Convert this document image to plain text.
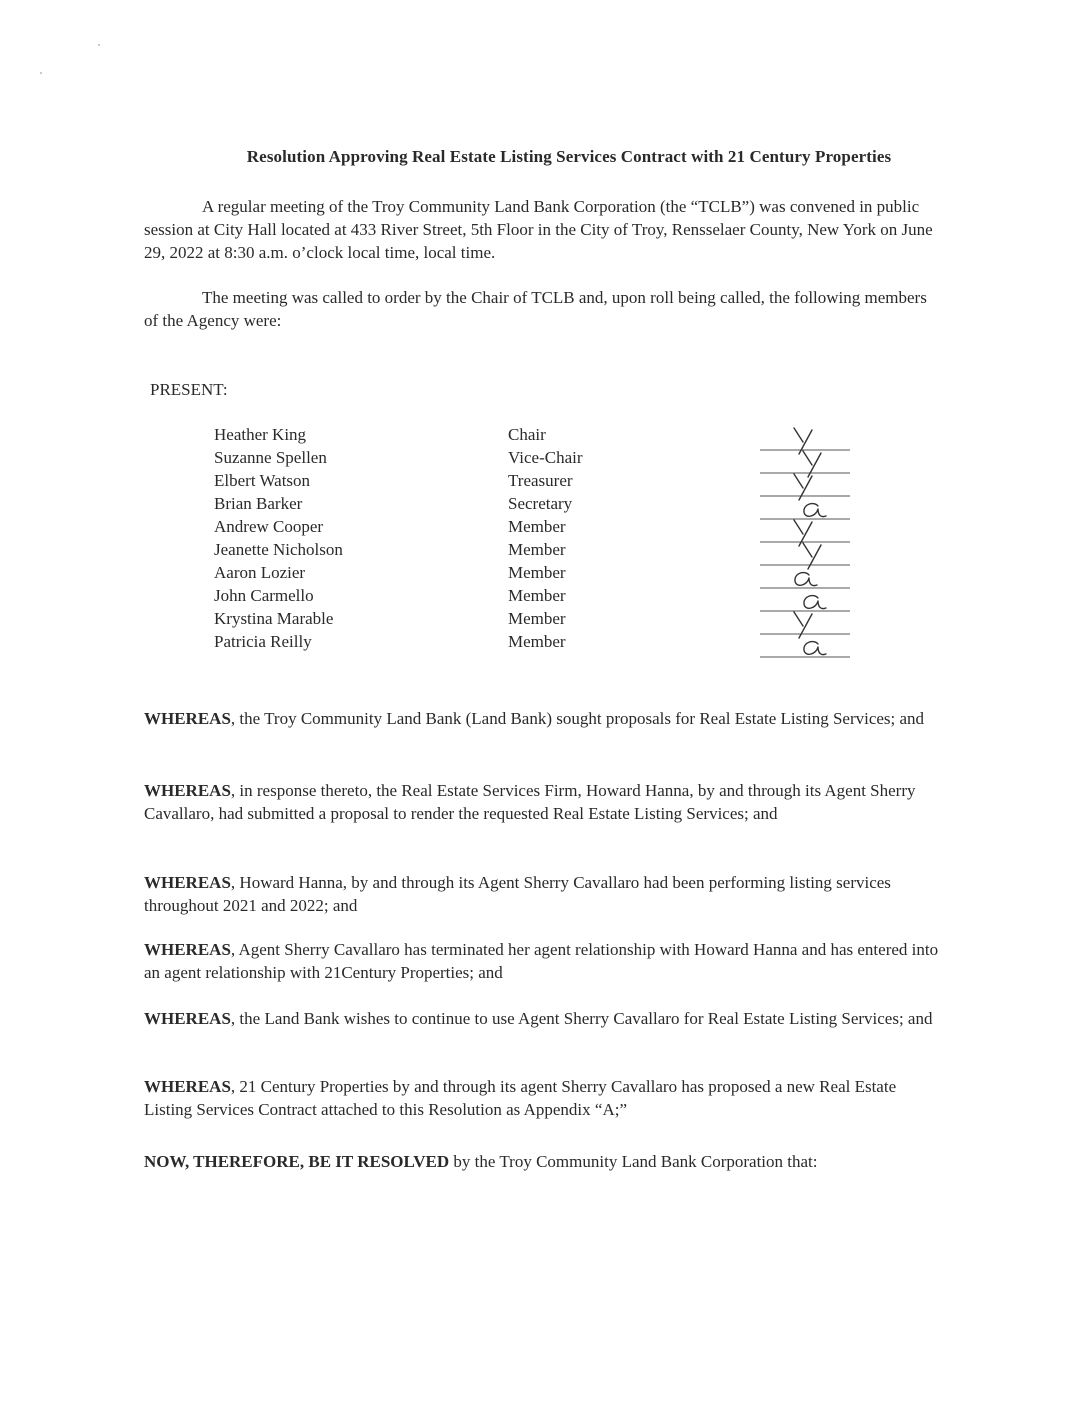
Resolution Approving Real Estate Listing Services Contract with 21 Century Properties
A regular meeting of the Troy Community Land Bank Corporation (the “TCLB”) was convened in public session at City Hall located at 433 River Street, 5th Floor in the City of Troy, Rensselaer County, New York on June 29, 2022 at 8:30 a.m. o’clock local time, local time.
The meeting was called to order by the Chair of TCLB and, upon roll being called, the following members of the Agency were:
PRESENT:
Heather King	Chair
Suzanne Spellen	Vice-Chair
Elbert Watson	Treasurer
Brian Barker	Secretary
Andrew Cooper	Member
Jeanette Nicholson	Member
Aaron Lozier	Member
John Carmello	Member
Krystina Marable	Member
Patricia Reilly	Member
WHEREAS, the Troy Community Land Bank (Land Bank) sought proposals for Real Estate Listing Services; and
WHEREAS, in response thereto, the Real Estate Services Firm, Howard Hanna, by and through its Agent Sherry Cavallaro, had submitted a proposal to render the requested Real Estate Listing Services; and
WHEREAS, Howard Hanna, by and through its Agent Sherry Cavallaro had been performing listing services throughout 2021 and 2022; and
WHEREAS, Agent Sherry Cavallaro has terminated her agent relationship with Howard Hanna and has entered into an agent relationship with 21Century Properties; and
WHEREAS, the Land Bank wishes to continue to use Agent Sherry Cavallaro for Real Estate Listing Services; and
WHEREAS, 21 Century Properties by and through its agent Sherry Cavallaro has proposed a new Real Estate Listing Services Contract attached to this Resolution as Appendix “A;”
NOW, THEREFORE, BE IT RESOLVED by the Troy Community Land Bank Corporation that:
